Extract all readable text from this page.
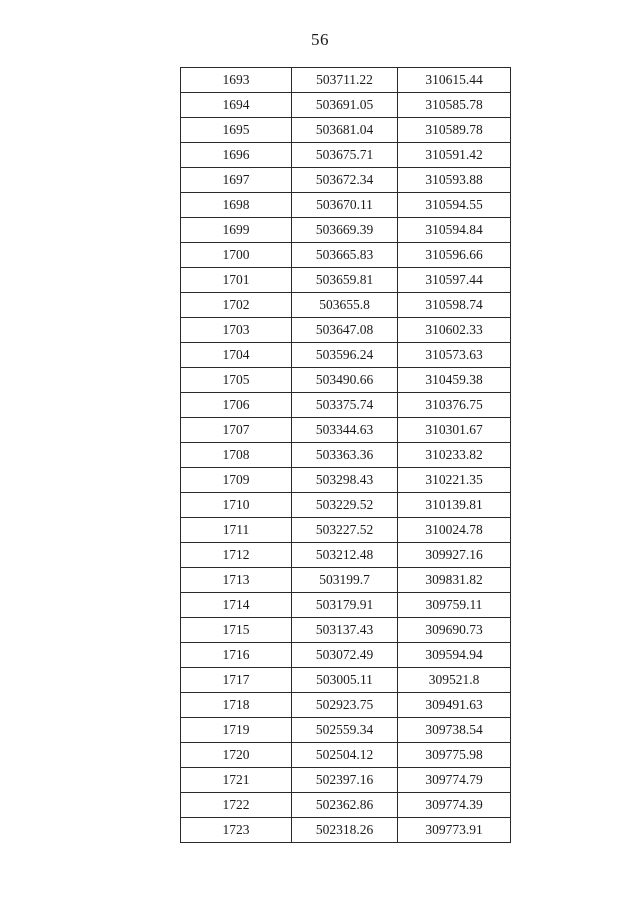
56
1693	503711.22	310615.44
1694	503691.05	310585.78
1695	503681.04	310589.78
1696	503675.71	310591.42
1697	503672.34	310593.88
1698	503670.11	310594.55
1699	503669.39	310594.84
1700	503665.83	310596.66
1701	503659.81	310597.44
1702	503655.8	310598.74
1703	503647.08	310602.33
1704	503596.24	310573.63
1705	503490.66	310459.38
1706	503375.74	310376.75
1707	503344.63	310301.67
1708	503363.36	310233.82
1709	503298.43	310221.35
1710	503229.52	310139.81
1711	503227.52	310024.78
1712	503212.48	309927.16
1713	503199.7	309831.82
1714	503179.91	309759.11
1715	503137.43	309690.73
1716	503072.49	309594.94
1717	503005.11	309521.8
1718	502923.75	309491.63
1719	502559.34	309738.54
1720	502504.12	309775.98
1721	502397.16	309774.79
1722	502362.86	309774.39
1723	502318.26	309773.91
